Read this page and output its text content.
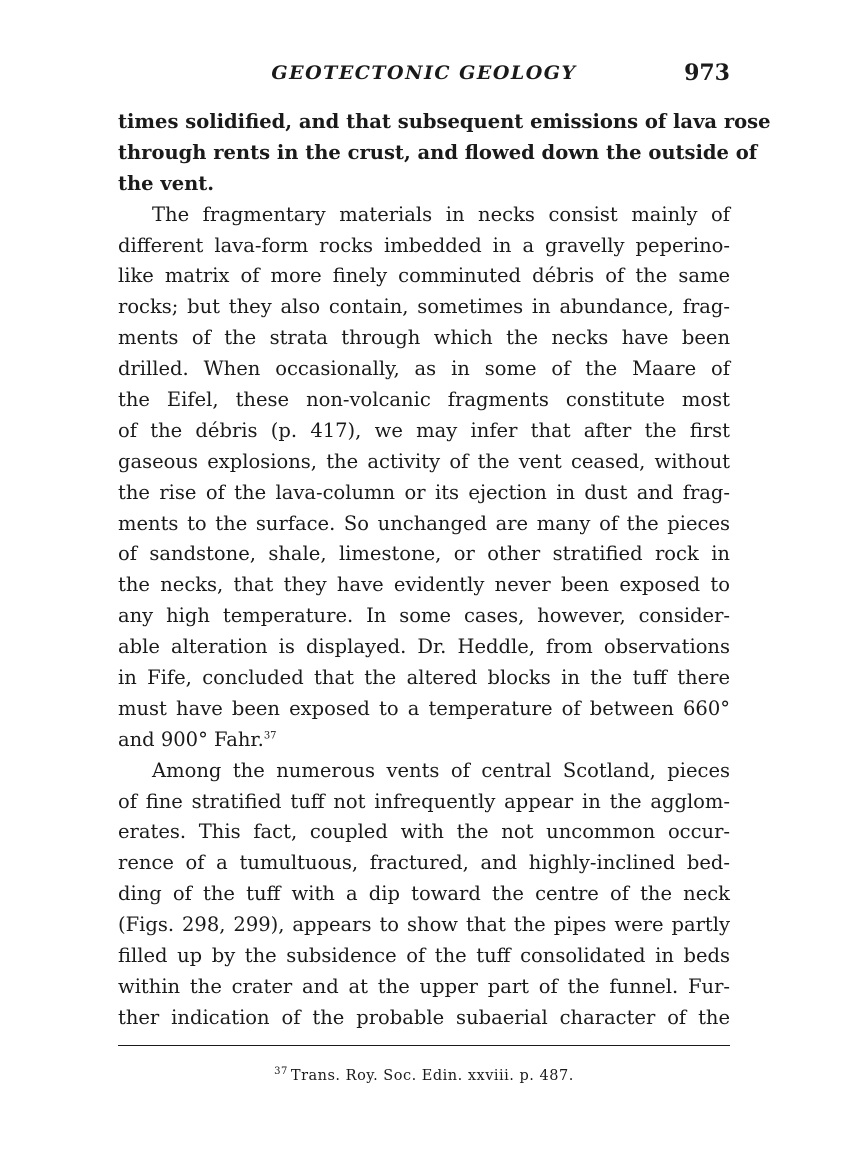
GEOTECTONIC GEOLOGY	973
times solidified, and that subsequent emissions of lava rose
through rents in the crust, and flowed down the outside of
the vent.
The fragmentary materials in necks consist mainly of
different lava-form rocks imbedded in a gravelly peperino-
like matrix of more finely comminuted débris of the same
rocks; but they also contain, sometimes in abundance, frag-
ments of the strata through which the necks have been
drilled. When occasionally, as in some of the Maare of
the Eifel, these non-volcanic fragments constitute most
of the débris (p. 417), we may infer that after the first
gaseous explosions, the activity of the vent ceased, without
the rise of the lava-column or its ejection in dust and frag-
ments to the surface. So unchanged are many of the pieces
of sandstone, shale, limestone, or other stratified rock in
the necks, that they have evidently never been exposed to
any high temperature. In some cases, however, consider-
able alteration is displayed. Dr. Heddle, from observations
in Fife, concluded that the altered blocks in the tuff there
must have been exposed to a temperature of between 660°
and 900° Fahr.$^{37}$
Among the numerous vents of central Scotland, pieces
of fine stratified tuff not infrequently appear in the agglom-
erates. This fact, coupled with the not uncommon occur-
rence of a tumultuous, fractured, and highly-inclined bed-
ding of the tuff with a dip toward the centre of the neck
(Figs. 298, 299), appears to show that the pipes were partly
filled up by the subsidence of the tuff consolidated in beds
within the crater and at the upper part of the funnel. Fur-
ther indication of the probable subaerial character of the
$^{37}$ Trans. Roy. Soc. Edin. xxviii. p. 487.
